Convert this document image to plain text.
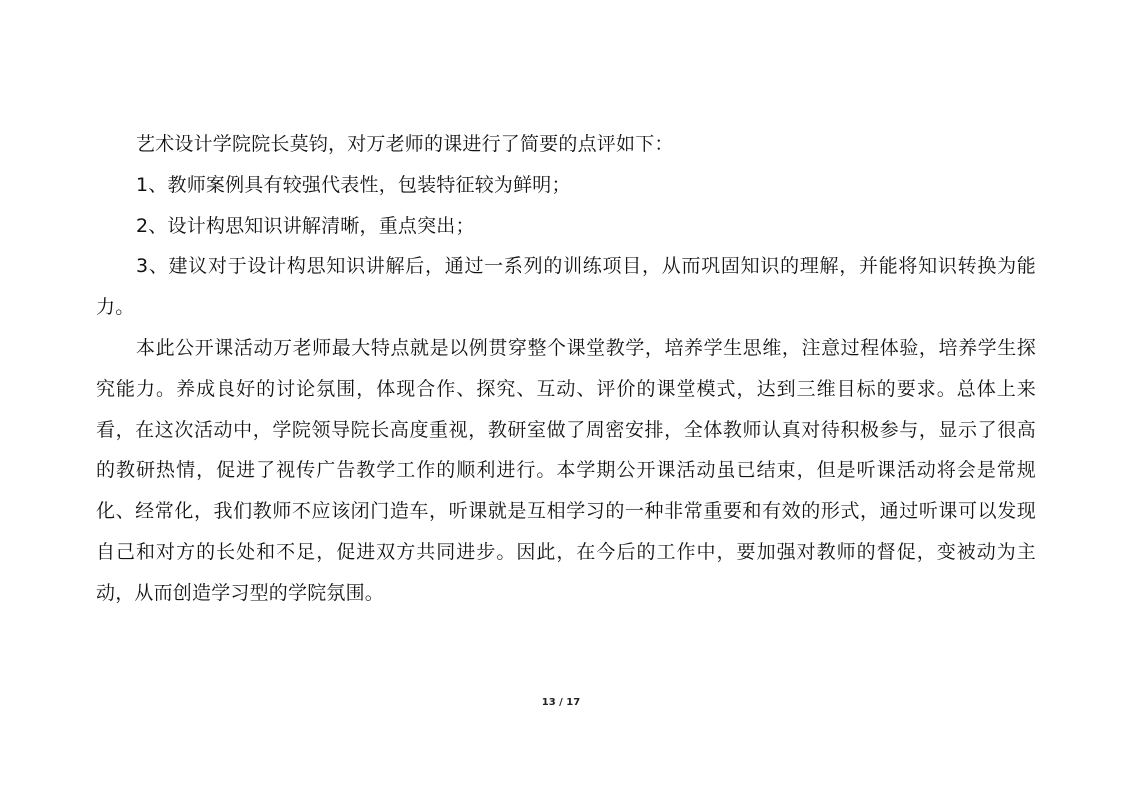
艺术设计学院院长莫钧，对万老师的课进行了简要的点评如下：

1、教师案例具有较强代表性，包装特征较为鲜明；

2、设计构思知识讲解清晰，重点突出；

3、建议对于设计构思知识讲解后，通过一系列的训练项目，从而巩固知识的理解，并能将知识转换为能力。

本此公开课活动万老师最大特点就是以例贯穿整个课堂教学，培养学生思维，注意过程体验，培养学生探究能力。养成良好的讨论氛围，体现合作、探究、互动、评价的课堂模式，达到三维目标的要求。总体上来看，在这次活动中，学院领导院长高度重视，教研室做了周密安排，全体教师认真对待积极参与，显示了很高的教研热情，促进了视传广告教学工作的顺利进行。本学期公开课活动虽已结束，但是听课活动将会是常规化、经常化，我们教师不应该闭门造车，听课就是互相学习的一种非常重要和有效的形式，通过听课可以发现自己和对方的长处和不足，促进双方共同进步。因此，在今后的工作中，要加强对教师的督促，变被动为主动，从而创造学习型的学院氛围。

13 / 17
